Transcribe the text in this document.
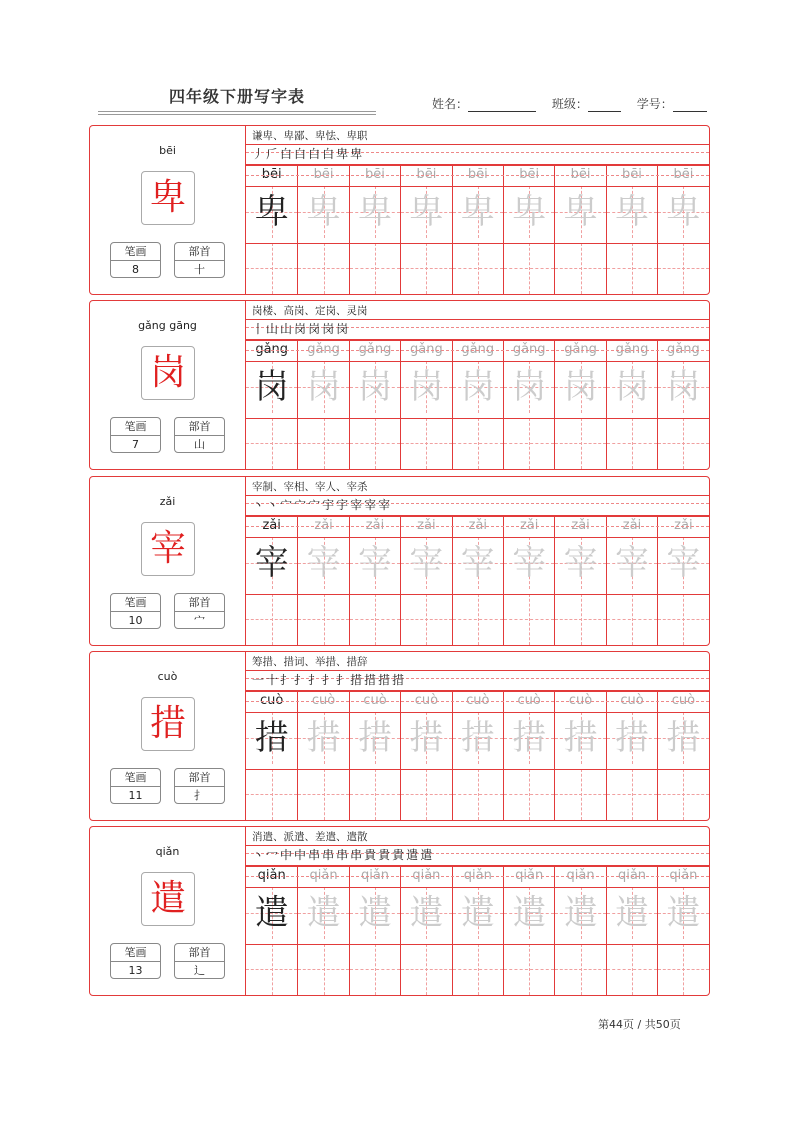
四年级下册写字表	姓名：	班级：	学号：
bēi
卑
笔画
8
部首
十
谦卑、卑鄙、卑怯、卑职
丿 𠂆 白 白 白 白 卑 卑
bēi
卑
bēi
卑
bēi
卑
bēi
卑
bēi
卑
bēi
卑
bēi
卑
bēi
卑
bēi
卑
gǎng gāng
岗
笔画
7
部首
山
岗楼、高岗、定岗、灵岗
丨 山 山 岗 岗 岗 岗
gǎng
岗
gǎng
岗
gǎng
岗
gǎng
岗
gǎng
岗
gǎng
岗
gǎng
岗
gǎng
岗
gǎng
岗
zǎi
宰
笔画
10
部首
宀
宰制、宰相、宰人、宰杀
丶 丶 宀 宀 宀 宇 宇 宰 宰 宰
zǎi
宰
zǎi
宰
zǎi
宰
zǎi
宰
zǎi
宰
zǎi
宰
zǎi
宰
zǎi
宰
zǎi
宰
cuò
措
笔画
11
部首
扌
筹措、措词、举措、措辞
一 十 扌 扌 扌 扌 扌 措 措 措 措
cuò
措
cuò
措
cuò
措
cuò
措
cuò
措
cuò
措
cuò
措
cuò
措
cuò
措
qiǎn
遣
笔画
13
部首
辶
消遣、派遣、差遣、遣散
丶 冖 中 中 串 串 串 串 貴 貴 貴 遣 遣
qiǎn
遣
qiǎn
遣
qiǎn
遣
qiǎn
遣
qiǎn
遣
qiǎn
遣
qiǎn
遣
qiǎn
遣
qiǎn
遣
第44页 / 共50页
